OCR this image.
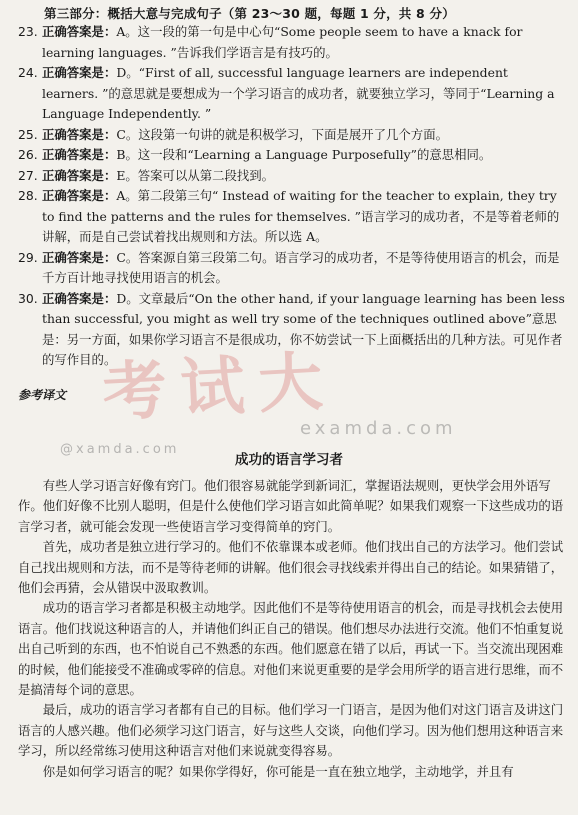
第三部分：概括大意与完成句子（第 23～30 题，每题 1 分，共 8 分）
23. 正确答案是：A。这一段的第一句是中心句“Some people seem to have a knack for learning languages. ”告诉我们学语言是有技巧的。
24. 正确答案是：D。“First of all, successful language learners are independent learners. ”的意思就是要想成为一个学习语言的成功者，就要独立学习，等同于“Learning a Language Independently. ”
25. 正确答案是：C。这段第一句讲的就是积极学习，下面是展开了几个方面。
26. 正确答案是：B。这一段和“Learning a Language Purposefully”的意思相同。
27. 正确答案是：E。答案可以从第二段找到。
28. 正确答案是：A。第二段第三句“ Instead of waiting for the teacher to explain, they try to find the patterns and the rules for themselves. ”语言学习的成功者，不是等着老师的讲解，而是自己尝试着找出规则和方法。所以选 A。
29. 正确答案是：C。答案源自第三段第二句。语言学习的成功者，不是等待使用语言的机会，而是千方百计地寻找使用语言的机会。
30. 正确答案是：D。文章最后“On the other hand, if your language learning has been less than successful, you might as well try some of the techniques outlined above”意思是：另一方面，如果你学习语言不是很成功，你不妨尝试一下上面概括出的几种方法。可见作者的写作目的。
考试大
examda.com
@xamda.com
参考译文
成功的语言学习者

有些人学习语言好像有窍门。他们很容易就能学到新词汇，掌握语法规则，更快学会用外语写作。他们好像不比别人聪明，但是什么使他们学习语言如此简单呢？如果我们观察一下这些成功的语言学习者，就可能会发现一些使语言学习变得简单的窍门。

首先，成功者是独立进行学习的。他们不依靠课本或老师。他们找出自己的方法学习。他们尝试自己找出规则和方法，而不是等待老师的讲解。他们很会寻找线索并得出自己的结论。如果猜错了，他们会再猜，会从错误中汲取教训。

成功的语言学习者都是积极主动地学。因此他们不是等待使用语言的机会，而是寻找机会去使用语言。他们找说这种语言的人，并请他们纠正自己的错误。他们想尽办法进行交流。他们不怕重复说出自己听到的东西，也不怕说自己不熟悉的东西。他们愿意在错了以后，再试一下。当交流出现困难的时候，他们能接受不准确或零碎的信息。对他们来说更重要的是学会用所学的语言进行思维，而不是搞清每个词的意思。

最后，成功的语言学习者都有自己的目标。他们学习一门语言，是因为他们对这门语言及讲这门语言的人感兴趣。他们必须学习这门语言，好与这些人交谈，向他们学习。因为他们想用这种语言来学习，所以经常练习使用这种语言对他们来说就变得容易。

你是如何学习语言的呢？如果你学得好，你可能是一直在独立地学，主动地学，并且有
